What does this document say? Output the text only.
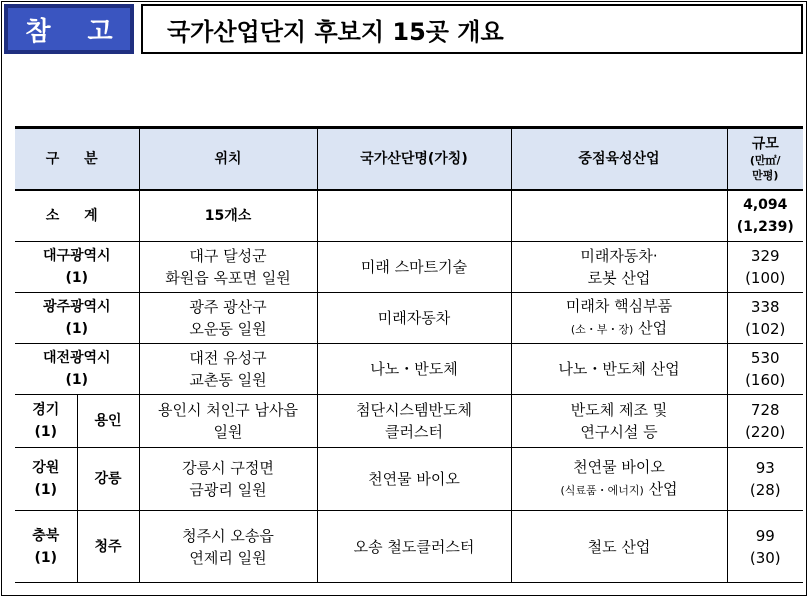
참 고 국가산업단지 후보지 15곳 개요
구 분		위치	국가산단명(가칭)	중점육성산업	규모
(만㎡/
만평)

소 계		15개소			4,094
(1,239)

대구광역시
(1)		대구 달성군
화원읍 옥포면 일원	미래 스마트기술	미래자동차·
로봇 산업	329
(100)

광주광역시
(1)		광주 광산구
오운동 일원	미래자동차	미래차 핵심부품
(소・부・장) 산업	338
(102)

대전광역시
(1)		대전 유성구
교촌동 일원	나노・반도체	나노・반도체 산업	530
(160)

경기
(1)	용인	용인시 처인구 남사읍
일원	첨단시스템반도체
클러스터	반도체 제조 및
연구시설 등	728
(220)

강원
(1)	강릉	강릉시 구정면
금광리 일원	천연물 바이오	천연물 바이오
(식료품・에너지) 산업	93
(28)

충북
(1)	청주	청주시 오송읍
연제리 일원	오송 철도클러스터	철도 산업	99
(30)
